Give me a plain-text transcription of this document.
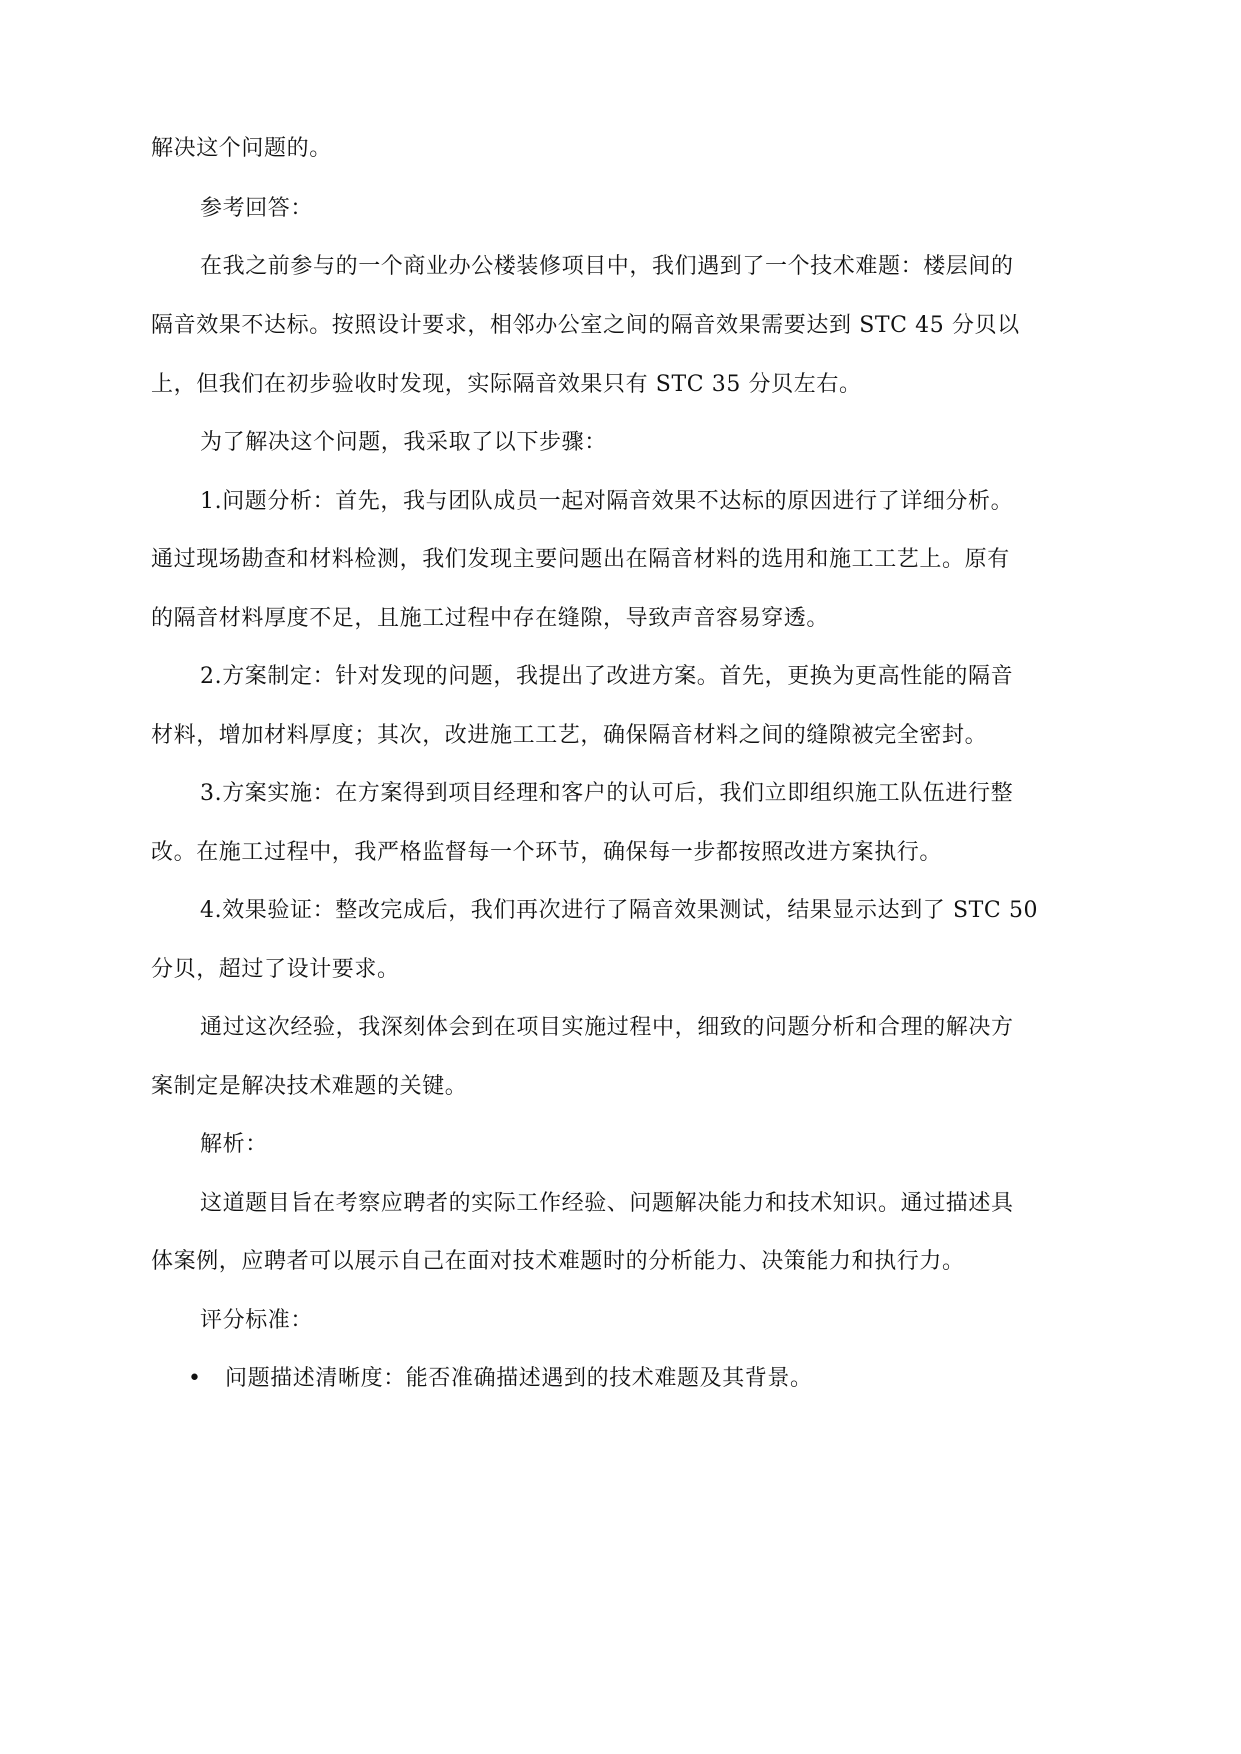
解决这个问题的。
参考回答：
在我之前参与的一个商业办公楼装修项目中，我们遇到了一个技术难题：楼层间的
隔音效果不达标。按照设计要求，相邻办公室之间的隔音效果需要达到 STC 45 分贝以
上，但我们在初步验收时发现，实际隔音效果只有 STC 35 分贝左右。
为了解决这个问题，我采取了以下步骤：
1.问题分析：首先，我与团队成员一起对隔音效果不达标的原因进行了详细分析。
通过现场勘查和材料检测，我们发现主要问题出在隔音材料的选用和施工工艺上。原有
的隔音材料厚度不足，且施工过程中存在缝隙，导致声音容易穿透。
2.方案制定：针对发现的问题，我提出了改进方案。首先，更换为更高性能的隔音
材料，增加材料厚度；其次，改进施工工艺，确保隔音材料之间的缝隙被完全密封。
3.方案实施：在方案得到项目经理和客户的认可后，我们立即组织施工队伍进行整
改。在施工过程中，我严格监督每一个环节，确保每一步都按照改进方案执行。
4.效果验证：整改完成后，我们再次进行了隔音效果测试，结果显示达到了 STC 50
分贝，超过了设计要求。
通过这次经验，我深刻体会到在项目实施过程中，细致的问题分析和合理的解决方
案制定是解决技术难题的关键。
解析：
这道题目旨在考察应聘者的实际工作经验、问题解决能力和技术知识。通过描述具
体案例，应聘者可以展示自己在面对技术难题时的分析能力、决策能力和执行力。
评分标准：
• 问题描述清晰度：能否准确描述遇到的技术难题及其背景。
